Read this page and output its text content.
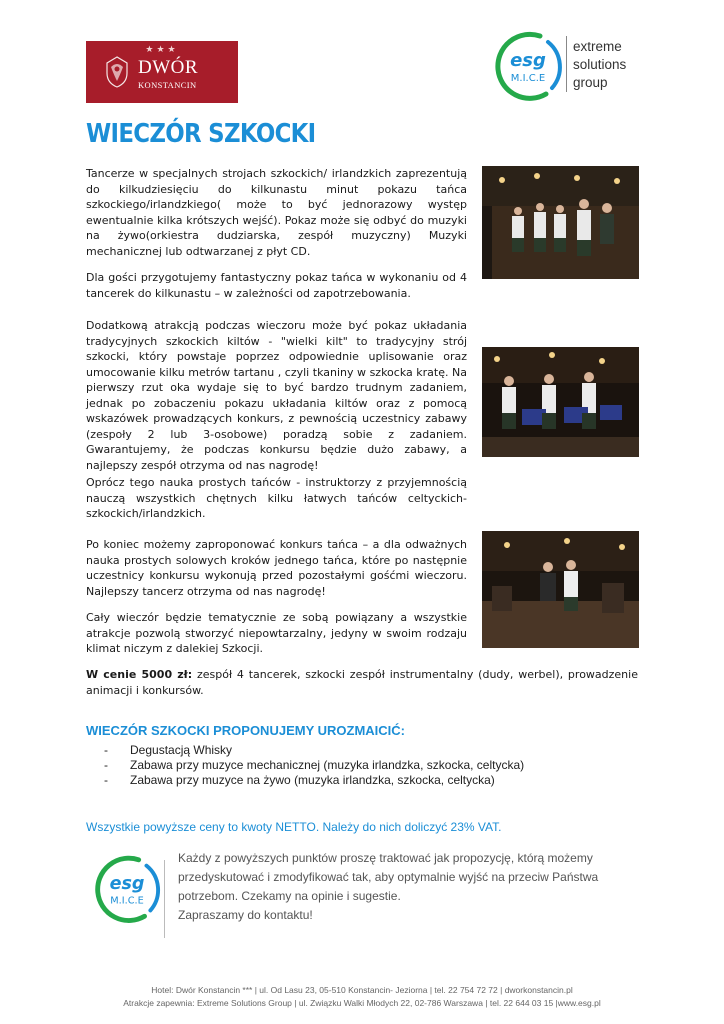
★★★
DWÓR
KONSTANCIN
esg
M.I.C.E
extreme
solutions
group
WIECZÓR SZKOCKI
Tancerze w specjalnych strojach szkockich/ irlandzkich zaprezentują do kilkudziesięciu do kilkunastu minut pokazu tańca szkockiego/irlandzkiego( może to być jednorazowy występ ewentualnie kilka krótszych wejść). Pokaz może się odbyć do muzyki na żywo(orkiestra dudziarska, zespół muzyczny) Muzyki mechanicznej lub odtwarzanej z płyt CD.
Dla gości przygotujemy fantastyczny pokaz tańca w wykonaniu od 4 tancerek do kilkunastu – w zależności od zapotrzebowania.
Dodatkową atrakcją podczas wieczoru może być pokaz układania tradycyjnych szkockich kiltów - "wielki kilt" to tradycyjny strój szkocki, który powstaje poprzez odpowiednie uplisowanie oraz umocowanie kilku metrów tartanu , czyli tkaniny w szkocka kratę. Na pierwszy rzut oka wydaje się to być bardzo trudnym zadaniem, jednak po zobaczeniu pokazu układania kiltów oraz z pomocą wskazówek prowadzących konkurs, z pewnością uczestnicy zabawy (zespoły 2 lub 3-osobowe) poradzą sobie z zadaniem. Gwarantujemy, że podczas konkursu będzie dużo zabawy, a najlepszy zespół otrzyma od nas nagrodę!
Oprócz tego nauka prostych tańców - instruktorzy z przyjemnością nauczą wszystkich chętnych kilku łatwych tańców celtyckich-szkockich/irlandzkich.
Po koniec możemy zaproponować konkurs tańca – a dla odważnych nauka prostych solowych kroków jednego tańca, które po następnie uczestnicy konkursu wykonują przed pozostałymi gośćmi wieczoru. Najlepszy tancerz otrzyma od nas nagrodę!
Cały wieczór będzie tematycznie ze sobą powiązany a wszystkie atrakcje pozwolą stworzyć niepowtarzalny, jedyny w swoim rodzaju klimat niczym z dalekiej Szkocji.
W cenie 5000 zł: zespół 4 tancerek, szkocki zespół instrumentalny (dudy, werbel), prowadzenie animacji i konkursów.
WIECZÓR SZKOCKI PROPONUJEMY UROZMAICIĆ:
- Degustacją Whisky
- Zabawa przy muzyce mechanicznej (muzyka irlandzka, szkocka, celtycka)
- Zabawa przy muzyce na żywo (muzyka irlandzka, szkocka, celtycka)
Wszystkie powyższe ceny to kwoty NETTO. Należy do nich doliczyć 23% VAT.
esg
M.I.C.E
Każdy z powyższych punktów proszę traktować jak propozycję, którą możemy
przedyskutować i zmodyfikować tak, aby optymalnie wyjść na przeciw Państwa
potrzebom. Czekamy na opinie i sugestie.
Zapraszamy do kontaktu!
Hotel: Dwór Konstancin *** | ul. Od Lasu 23, 05-510 Konstancin- Jeziorna | tel. 22 754 72 72 | dworkonstancin.pl
Atrakcje zapewnia: Extreme Solutions Group | ul. Związku Walki Młodych 22, 02-786 Warszawa | tel. 22 644 03 15 |www.esg.pl
